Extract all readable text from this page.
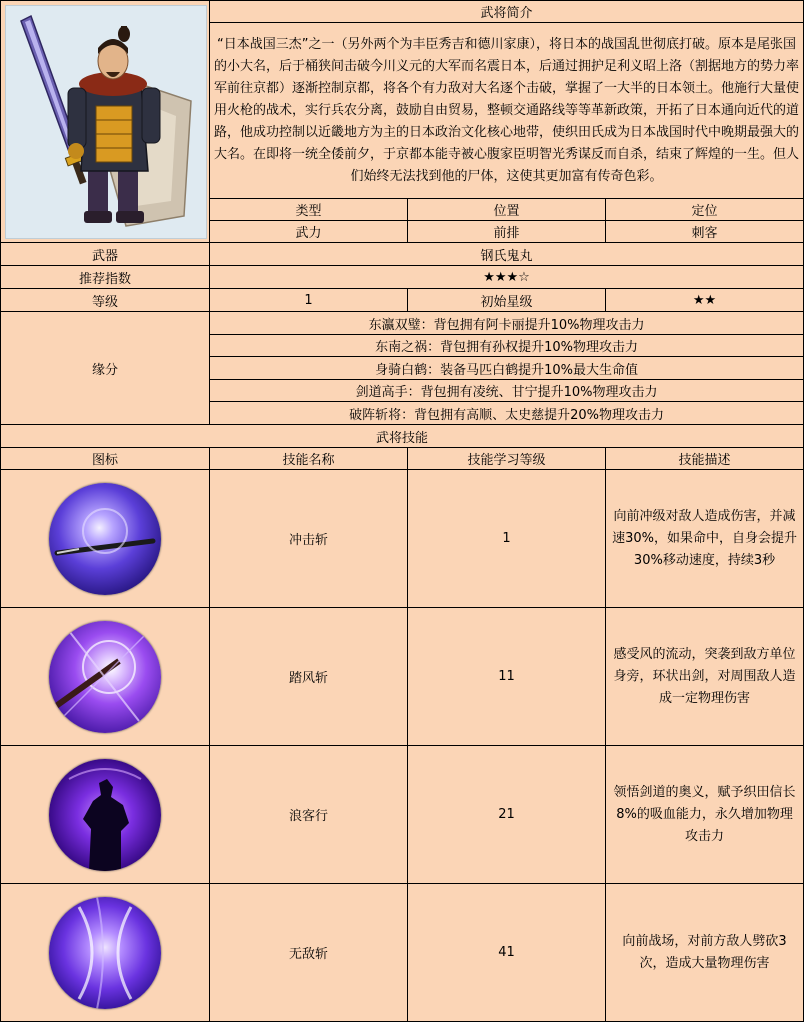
	武将简介		
	“日本战国三杰”之一（另外两个为丰臣秀吉和德川家康），将日本的战国乱世彻底打破。原本是尾张国的小大名，后于桶狭间击破今川义元的大军而名震日本，后通过拥护足利义昭上洛（割据地方的势力率军前往京都）逐渐控制京都，将各个有力敌对大名逐个击破，掌握了一大半的日本领土。他施行大量使用火枪的战术，实行兵农分离，鼓励自由贸易，整顿交通路线等等革新政策，开拓了日本通向近代的道路，他成功控制以近畿地方为主的日本政治文化核心地带，使织田氏成为日本战国时代中晚期最强大的大名。在即将一统全倭前夕，于京都本能寺被心腹家臣明智光秀谋反而自杀，结束了辉煌的一生。但人们始终无法找到他的尸体，这使其更加富有传奇色彩。		
	类型	位置	定位
	武力	前排	刺客
武器	钢氏鬼丸		
推荐指数	★★★☆		
等级	1	初始星级	★★
缘分	东瀛双璧：背包拥有阿卡丽提升10%物理攻击力		
	东南之祸：背包拥有孙权提升10%物理攻击力		
	身骑白鹤：装备马匹白鹤提升10%最大生命值		
	剑道高手：背包拥有凌统、甘宁提升10%物理攻击力		
	破阵斩将：背包拥有高顺、太史慈提升20%物理攻击力		
武将技能			
图标	技能名称	技能学习等级	技能描述

	冲击斩	1	向前冲级对敌人造成伤害，并减速30%，如果命中，自身会提升30%移动速度，持续3秒

	踏风斩	11	感受风的流动，突袭到敌方单位身旁，环状出剑，对周围敌人造成一定物理伤害

	浪客行	21	领悟剑道的奥义，赋予织田信长8%的吸血能力，永久增加物理攻击力

	无敌斩	41	向前战场，对前方敌人劈砍3次，造成大量物理伤害
